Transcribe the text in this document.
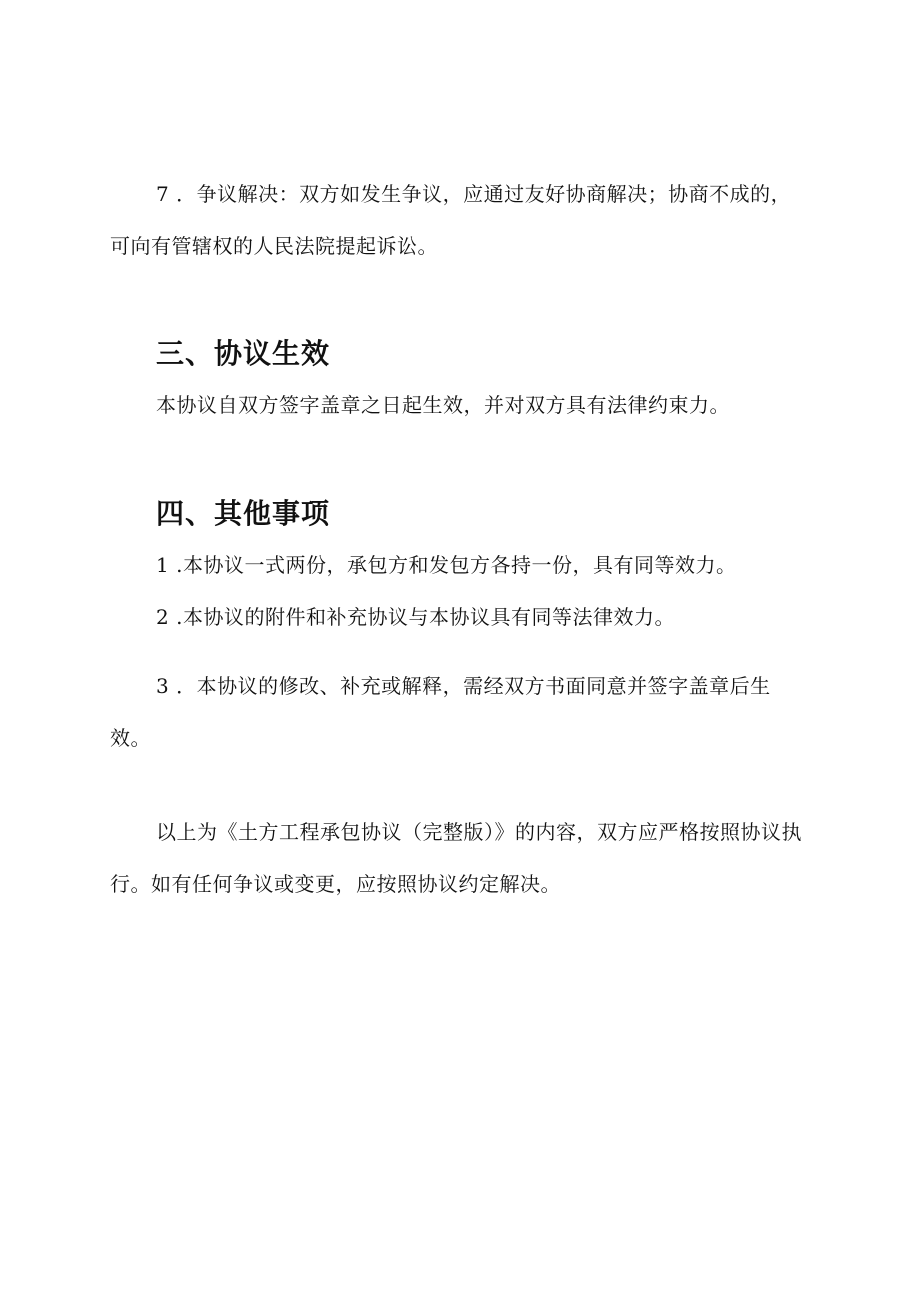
7 ．争议解决：双方如发生争议，应通过友好协商解决；协商不成的，可向有管辖权的人民法院提起诉讼。

三、协议生效

本协议自双方签字盖章之日起生效，并对双方具有法律约束力。

四、其他事项

1 .本协议一式两份，承包方和发包方各持一份，具有同等效力。

2 .本协议的附件和补充协议与本协议具有同等法律效力。

3 ．本协议的修改、补充或解释，需经双方书面同意并签字盖章后生效。

以上为《土方工程承包协议（完整版）》的内容，双方应严格按照协议执行。如有任何争议或变更，应按照协议约定解决。
